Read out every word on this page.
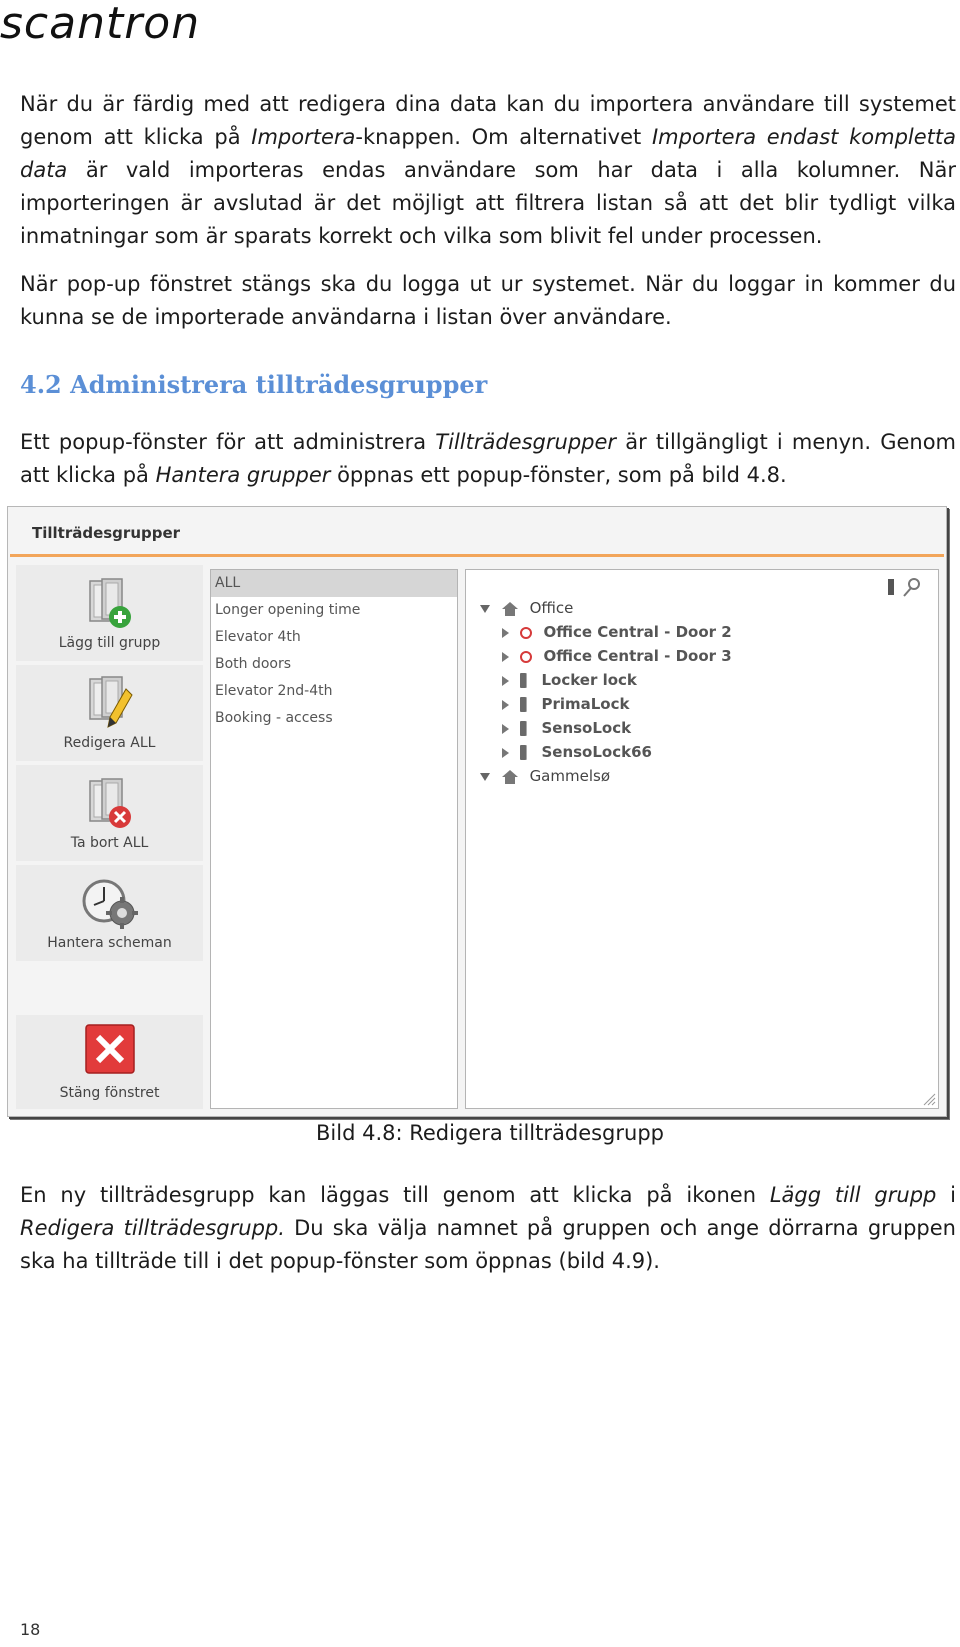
scantron

När du är färdig med att redigera dina data kan du importera användare till systemet genom att klicka på Importera-knappen. Om alternativet Importera endast kompletta data är vald importeras endas användare som har data i alla kolumner. När importeringen är avslutad är det möjligt att filtrera listan så att det blir tydligt vilka inmatningar som är sparats korrekt och vilka som blivit fel under processen.

När pop-up fönstret stängs ska du logga ut ur systemet. När du loggar in kommer du kunna se de importerade användarna i listan över användare.

4.2 Administrera tillträdesgrupper

Ett popup-fönster för att administrera Tillträdesgrupper är tillgängligt i menyn. Genom att klicka på Hantera grupper öppnas ett popup-fönster, som på bild 4.8.

Tillträdesgrupper
Lägg till grupp
Redigera ALL
Ta bort ALL
Hantera scheman
Stäng fönstret
ALL
Longer opening time
Elevator 4th
Both doors
Elevator 2nd-4th
Booking - access
Office
Office Central - Door 2
Office Central - Door 3
Locker lock
PrimaLock
SensoLock
SensoLock66
Gammelsø
Bild 4.8: Redigera tillträdesgrupp

En ny tillträdesgrupp kan läggas till genom att klicka på ikonen Lägg till grupp i Redigera tillträdesgrupp. Du ska välja namnet på gruppen och ange dörrarna gruppen ska ha tillträde till i det popup-fönster som öppnas (bild 4.9).

18
